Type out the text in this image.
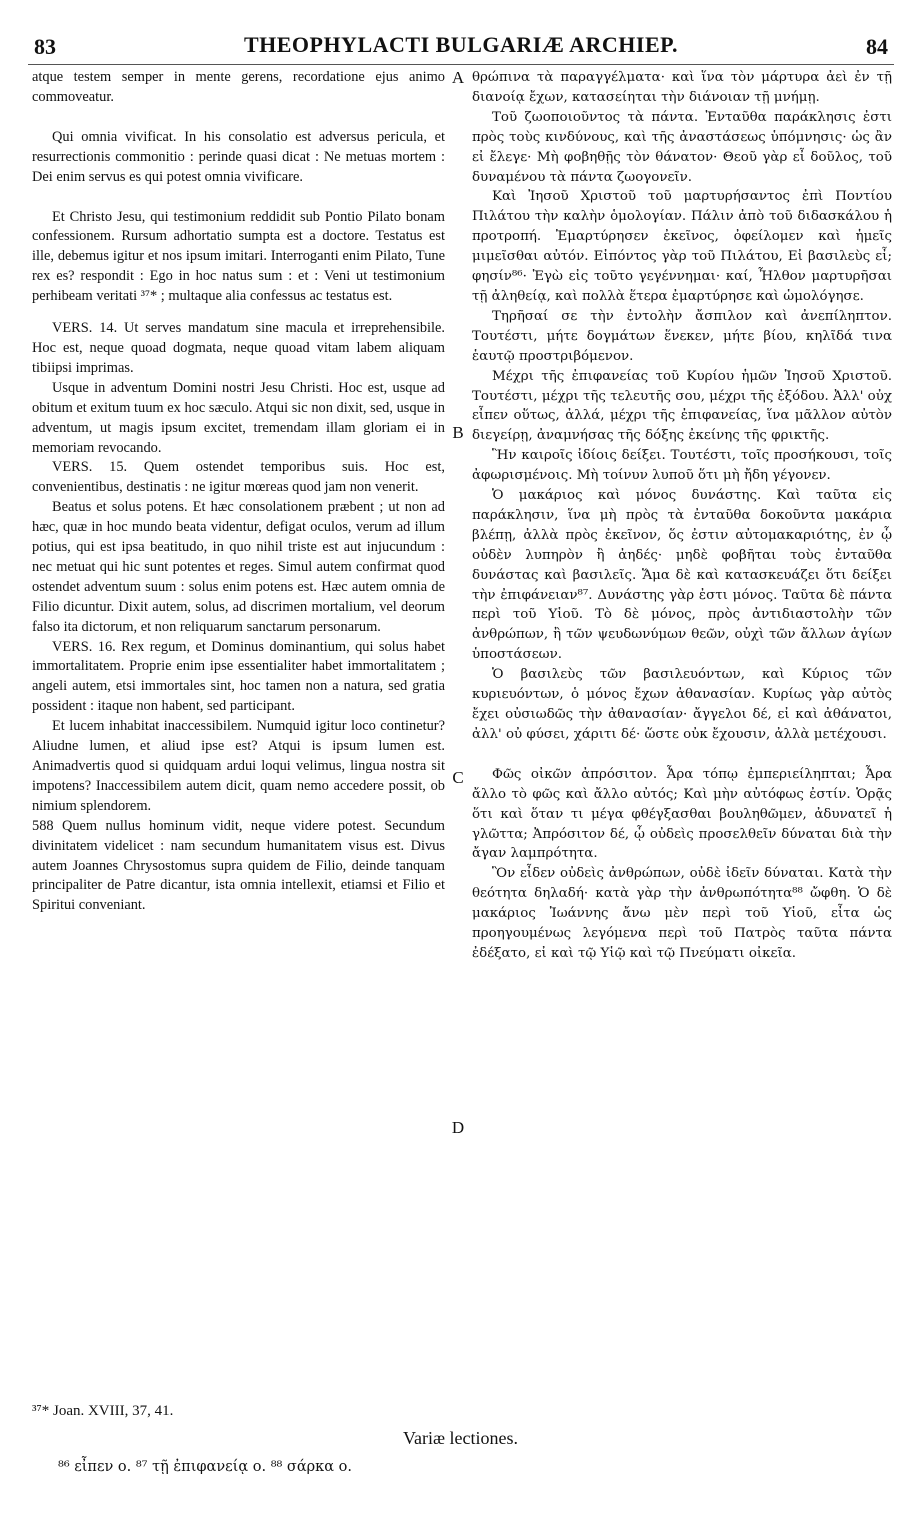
83	THEOPHYLACTI BULGARIÆ ARCHIEP.	84

atque testem semper in mente gerens, recordatione ejus animo commoveatur.

Qui omnia vivificat. In his consolatio est adversus pericula, et resurrectionis commonitio : perinde quasi dicat : Ne metuas mortem : Dei enim servus es qui potest omnia vivificare.

Et Christo Jesu, qui testimonium reddidit sub Pontio Pilato bonam confessionem. Rursum adhortatio sumpta est a doctore. Testatus est ille, debemus igitur et nos ipsum imitari. Interroganti enim Pilato, Tune rex es? respondit : Ego in hoc natus sum : et : Veni ut testimonium perhibeam veritati ³⁷* ; multaque alia confessus ac testatus est.

VERS. 14. Ut serves mandatum sine macula et irreprehensibile. Hoc est, neque quoad dogmata, neque quoad vitam labem aliquam tibiipsi imprimas.

Usque in adventum Domini nostri Jesu Christi. Hoc est, usque ad obitum et exitum tuum ex hoc sæculo. Atqui sic non dixit, sed, usque in adventum, ut magis ipsum excitet, tremendam illam gloriam ei in memoriam revocando.

VERS. 15. Quem ostendet temporibus suis. Hoc est, convenientibus, destinatis : ne igitur mœreas quod jam non venerit.

Beatus et solus potens. Et hæc consolationem præbent ; ut non ad hæc, quæ in hoc mundo beata videntur, defigat oculos, verum ad illum potius, qui est ipsa beatitudo, in quo nihil triste est aut injucundum : nec metuat qui hic sunt potentes et reges. Simul autem confirmat quod ostendet adventum suum : solus enim potens est. Hæc autem omnia de Filio dicuntur. Dixit autem, solus, ad discrimen mortalium, vel deorum falso ita dictorum, et non reliquarum sanctarum personarum.

VERS. 16. Rex regum, et Dominus dominantium, qui solus habet immortalitatem. Proprie enim ipse essentialiter habet immortalitatem ; angeli autem, etsi immortales sint, hoc tamen non a natura, sed gratia possident : itaque non habent, sed participant.

Et lucem inhabitat inaccessibilem. Numquid igitur loco continetur? Aliudne lumen, et aliud ipse est? Atqui is ipsum lumen est. Animadvertis quod si quidquam ardui loqui velimus, lingua nostra sit impotens? Inaccessibilem autem dicit, quam nemo accedere possit, ob nimium splendorem.

588 Quem nullus hominum vidit, neque videre potest. Secundum divinitatem videlicet : nam secundum humanitatem visus est. Divus autem Joannes Chrysostomus supra quidem de Filio, deinde tanquam principaliter de Patre dicantur, ista omnia intellexit, etiamsi et Filio et Spiritui conveniant.

A
B
C
D

θρώπινα τὰ παραγγέλματα· καὶ ἵνα τὸν μάρτυρα ἀεὶ ἐν τῇ διανοίᾳ ἔχων, κατασείηται τὴν διάνοιαν τῇ μνήμῃ.

Τοῦ ζωοποιοῦντος τὰ πάντα. Ἐνταῦθα παράκλησις ἐστι πρὸς τοὺς κινδύνους, καὶ τῆς ἀναστάσεως ὑπόμνησις· ὡς ἂν εἰ ἔλεγε· Μὴ φοβηθῇς τὸν θάνατον· Θεοῦ γὰρ εἶ δοῦλος, τοῦ δυναμένου τὰ πάντα ζωογονεῖν.

Καὶ Ἰησοῦ Χριστοῦ τοῦ μαρτυρήσαντος ἐπὶ Ποντίου Πιλάτου τὴν καλὴν ὁμολογίαν. Πάλιν ἀπὸ τοῦ διδασκάλου ἡ προτροπή. Ἐμαρτύρησεν ἐκεῖνος, ὀφείλομεν καὶ ἡμεῖς μιμεῖσθαι αὐτόν. Εἰπόντος γὰρ τοῦ Πιλάτου, Εἰ βασιλεὺς εἶ; φησίν⁸⁶· Ἐγὼ εἰς τοῦτο γεγέννημαι· καί, Ἦλθον μαρτυρῆσαι τῇ ἀληθείᾳ, καὶ πολλὰ ἕτερα ἐμαρτύρησε καὶ ὡμολόγησε.

Τηρῆσαί σε τὴν ἐντολὴν ἄσπιλον καὶ ἀνεπίληπτον. Τουτέστι, μήτε δογμάτων ἕνεκεν, μήτε βίου, κηλῖδά τινα ἑαυτῷ προστριβόμενον.

Μέχρι τῆς ἐπιφανείας τοῦ Κυρίου ἡμῶν Ἰησοῦ Χριστοῦ. Τουτέστι, μέχρι τῆς τελευτῆς σου, μέχρι τῆς ἐξόδου. Ἀλλ' οὐχ εἶπεν οὕτως, ἀλλά, μέχρι τῆς ἐπιφανείας, ἵνα μᾶλλον αὐτὸν διεγείρῃ, ἀναμνήσας τῆς δόξης ἐκείνης τῆς φρικτῆς.

Ἣν καιροῖς ἰδίοις δείξει. Τουτέστι, τοῖς προσήκουσι, τοῖς ἀφωρισμένοις. Μὴ τοίνυν λυποῦ ὅτι μὴ ἤδη γέγονεν.

Ὁ μακάριος καὶ μόνος δυνάστης. Καὶ ταῦτα εἰς παράκλησιν, ἵνα μὴ πρὸς τὰ ἐνταῦθα δοκοῦντα μακάρια βλέπῃ, ἀλλὰ πρὸς ἐκεῖνον, ὅς ἐστιν αὐτομακαριότης, ἐν ᾧ οὐδὲν λυπηρὸν ἢ ἀηδές· μηδὲ φοβῆται τοὺς ἐνταῦθα δυνάστας καὶ βασιλεῖς. Ἅμα δὲ καὶ κατασκευάζει ὅτι δείξει τὴν ἐπιφάνειαν⁸⁷. Δυνάστης γὰρ ἐστι μόνος. Ταῦτα δὲ πάντα περὶ τοῦ Υἱοῦ. Τὸ δὲ μόνος, πρὸς ἀντιδιαστολὴν τῶν ἀνθρώπων, ἢ τῶν ψευδωνύμων θεῶν, οὐχὶ τῶν ἄλλων ἁγίων ὑποστάσεων.

Ὁ βασιλεὺς τῶν βασιλευόντων, καὶ Κύριος τῶν κυριευόντων, ὁ μόνος ἔχων ἀθανασίαν. Κυρίως γὰρ αὐτὸς ἔχει οὐσιωδῶς τὴν ἀθανασίαν· ἄγγελοι δέ, εἰ καὶ ἀθάνατοι, ἀλλ' οὐ φύσει, χάριτι δέ· ὥστε οὐκ ἔχουσιν, ἀλλὰ μετέχουσι.

Φῶς οἰκῶν ἀπρόσιτον. Ἆρα τόπῳ ἐμπεριείληπται; Ἆρα ἄλλο τὸ φῶς καὶ ἄλλο αὐτός; Καὶ μὴν αὐτόφως ἐστίν. Ὁρᾷς ὅτι καὶ ὅταν τι μέγα φθέγξασθαι βουληθῶμεν, ἀδυνατεῖ ἡ γλῶττα; Ἀπρόσιτον δέ, ᾧ οὐδεὶς προσελθεῖν δύναται διὰ τὴν ἄγαν λαμπρότητα.

Ὃν εἶδεν οὐδεὶς ἀνθρώπων, οὐδὲ ἰδεῖν δύναται. Κατὰ τὴν θεότητα δηλαδή· κατὰ γὰρ τὴν ἀνθρωπότητα⁸⁸ ὤφθη. Ὁ δὲ μακάριος Ἰωάννης ἄνω μὲν περὶ τοῦ Υἱοῦ, εἶτα ὡς προηγουμένως λεγόμενα περὶ τοῦ Πατρὸς ταῦτα πάντα ἐδέξατο, εἰ καὶ τῷ Υἱῷ καὶ τῷ Πνεύματι οἰκεῖα.

³⁷* Joan. XVIII, 37, 41.
Variæ lectiones.
⁸⁶ εἶπεν ο. ⁸⁷ τῇ ἐπιφανείᾳ ο. ⁸⁸ σάρκα ο.
